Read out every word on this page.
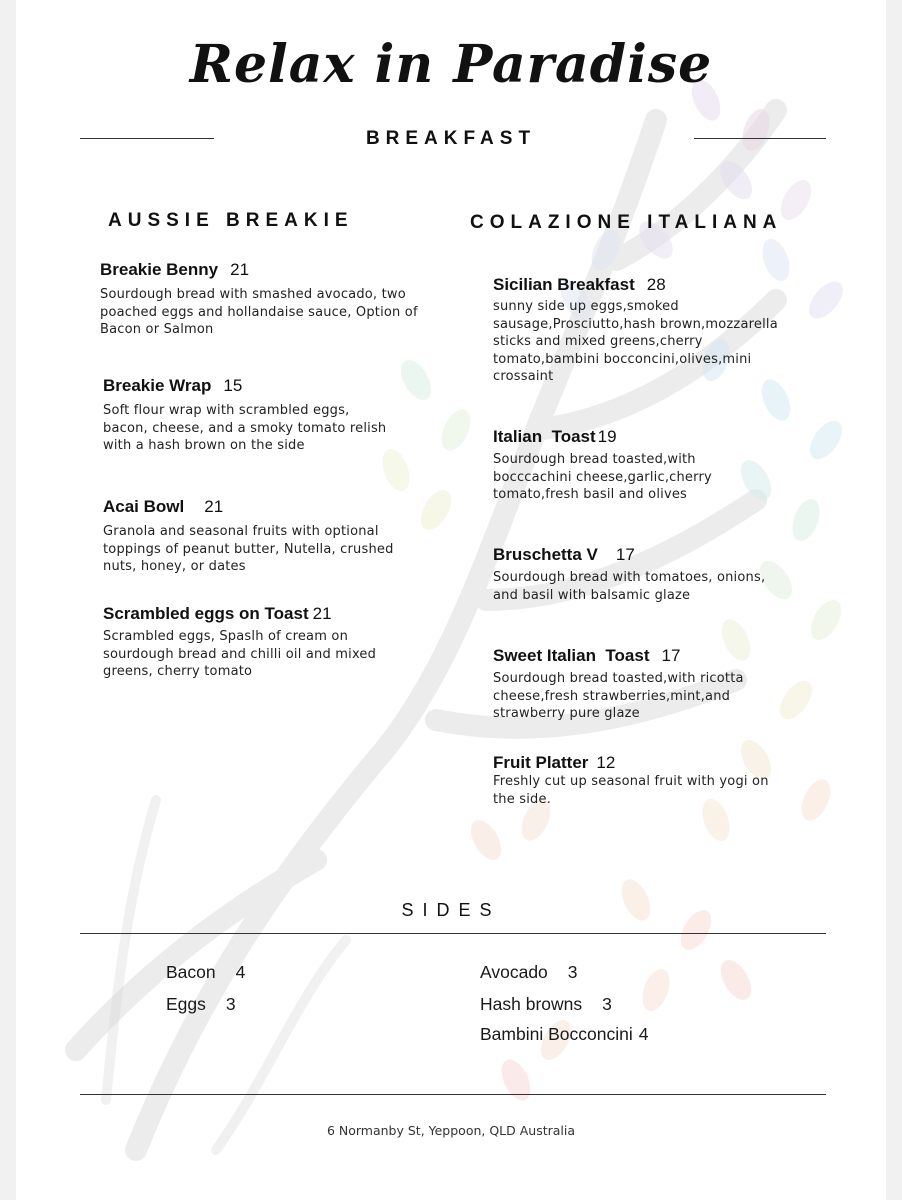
Relax in Paradise
BREAKFAST
AUSSIE BREAKIE
Breakie Benny 21
Sourdough bread with smashed avocado, two poached eggs and hollandaise sauce, Option of Bacon or Salmon
Breakie Wrap 15
Soft flour wrap with scrambled eggs, bacon, cheese, and a smoky tomato relish with a hash brown on the side
Acai Bowl 21
Granola and seasonal fruits with optional toppings of peanut butter, Nutella, crushed nuts, honey, or dates
Scrambled eggs on Toast 21
Scrambled eggs, Spaslh of cream on sourdough bread and chilli oil and mixed greens, cherry tomato
COLAZIONE ITALIANA
Sicilian Breakfast 28
sunny side up eggs,smoked sausage,Prosciutto,hash brown,mozzarella sticks and mixed greens,cherry tomato,bambini bocconcini,olives,mini crossaint
Italian  Toast 19
Sourdough bread toasted,with bocccachini cheese,garlic,cherry tomato,fresh basil and olives
Bruschetta V 17
Sourdough bread with tomatoes, onions, and basil with balsamic glaze
Sweet Italian  Toast 17
Sourdough bread toasted,with ricotta cheese,fresh strawberries,mint,and strawberry pure glaze
Fruit Platter 12
Freshly cut up seasonal fruit with yogi on the side.
SIDES
Bacon 4
Eggs 3
Avocado 3
Hash browns 3
Bambini Bocconcini 4
6 Normanby St, Yeppoon, QLD Australia
